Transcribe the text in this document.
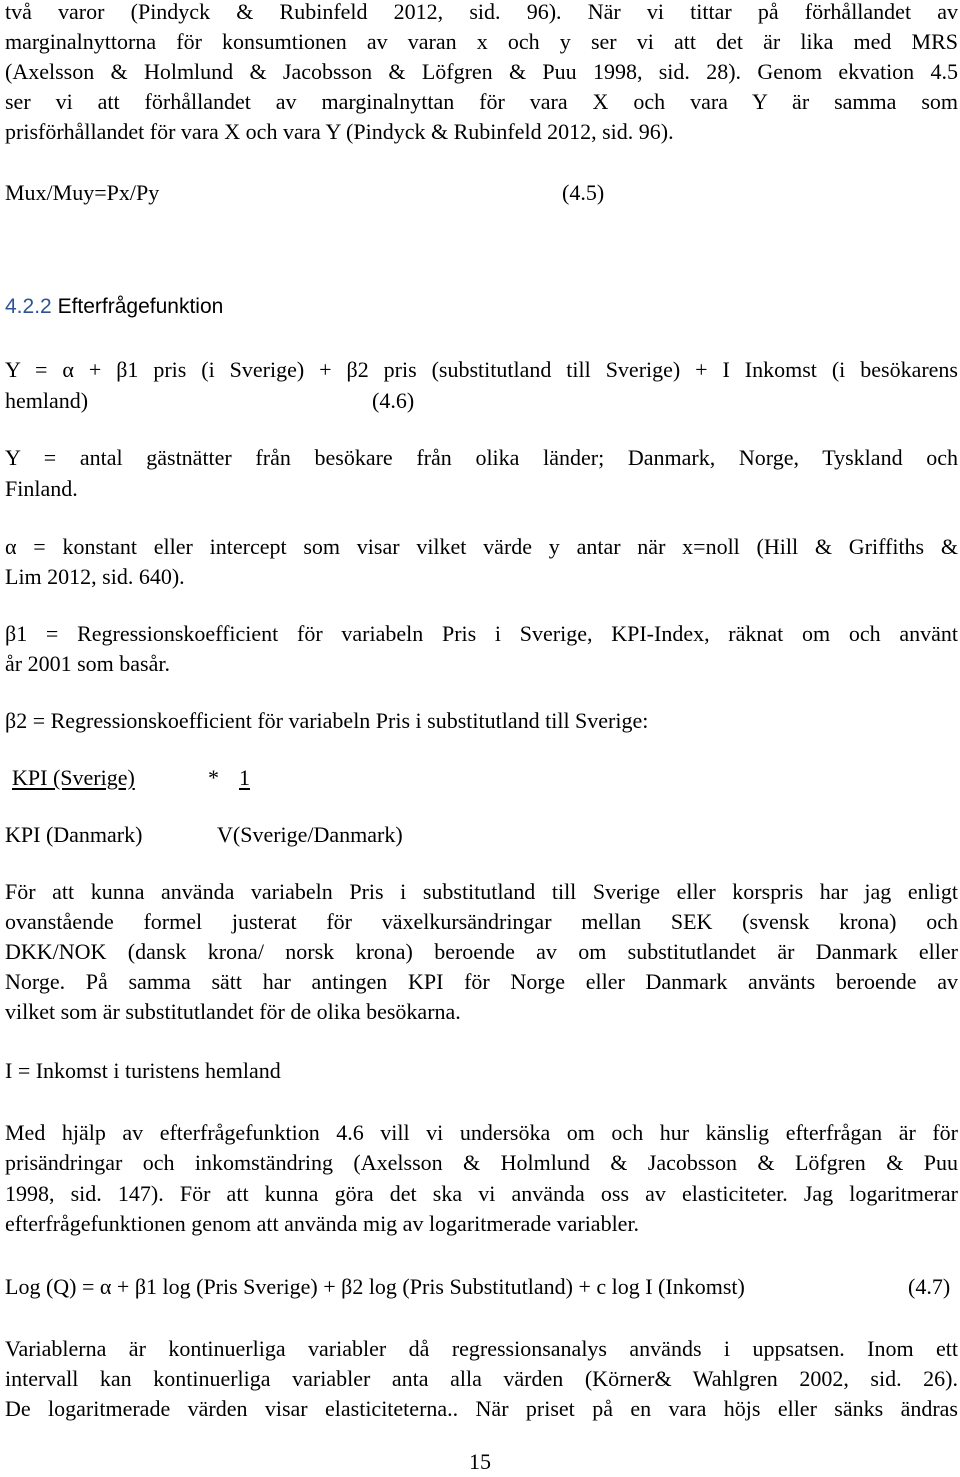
två varor (Pindyck & Rubinfeld 2012, sid. 96). När vi tittar på förhållandet av
marginalnyttorna för konsumtionen av varan x och y ser vi att det är lika med MRS
(Axelsson & Holmlund & Jacobsson & Löfgren & Puu 1998, sid. 28). Genom ekvation 4.5
ser vi att förhållandet av marginalnyttan för vara X och vara Y är samma som
prisförhållandet för vara X och vara Y (Pindyck & Rubinfeld 2012, sid. 96).
Mux/Muy=Px/Py	(4.5)
4.2.2 Efterfrågefunktion
Y = α + β1 pris (i Sverige) + β2 pris (substitutland till Sverige) + I Inkomst (i besökarens
hemland)	(4.6)
Y = antal gästnätter från besökare från olika länder; Danmark, Norge, Tyskland och
Finland.
α = konstant eller intercept som visar vilket värde y antar när x=noll (Hill & Griffiths &
Lim 2012, sid. 640).
β1 = Regressionskoefficient för variabeln Pris i Sverige, KPI-Index, räknat om och använt
år 2001 som basår.
β2 = Regressionskoefficient för variabeln Pris i substitutland till Sverige:
KPI (Sverige)	* 1
KPI (Danmark)	V(Sverige/Danmark)
För att kunna använda variabeln Pris i substitutland till Sverige eller korspris har jag enligt
ovanstående formel justerat för växelkursändringar mellan SEK (svensk krona) och
DKK/NOK (dansk krona/ norsk krona) beroende av om substitutlandet är Danmark eller
Norge. På samma sätt har antingen KPI för Norge eller Danmark använts beroende av
vilket som är substitutlandet för de olika besökarna.
I = Inkomst i turistens hemland
Med hjälp av efterfrågefunktion 4.6 vill vi undersöka om och hur känslig efterfrågan är för
prisändringar och inkomständring (Axelsson & Holmlund & Jacobsson & Löfgren & Puu
1998, sid. 147). För att kunna göra det ska vi använda oss av elasticiteter. Jag logaritmerar
efterfrågefunktionen genom att använda mig av logaritmerade variabler.
Log (Q) = α + β1 log (Pris Sverige) + β2 log (Pris Substitutland) + c log I (Inkomst)	(4.7)
Variablerna är kontinuerliga variabler då regressionsanalys används i uppsatsen. Inom ett
intervall kan kontinuerliga variabler anta alla värden (Körner& Wahlgren 2002, sid. 26).
De logaritmerade värden visar elasticiteterna.. När priset på en vara höjs eller sänks ändras
15
